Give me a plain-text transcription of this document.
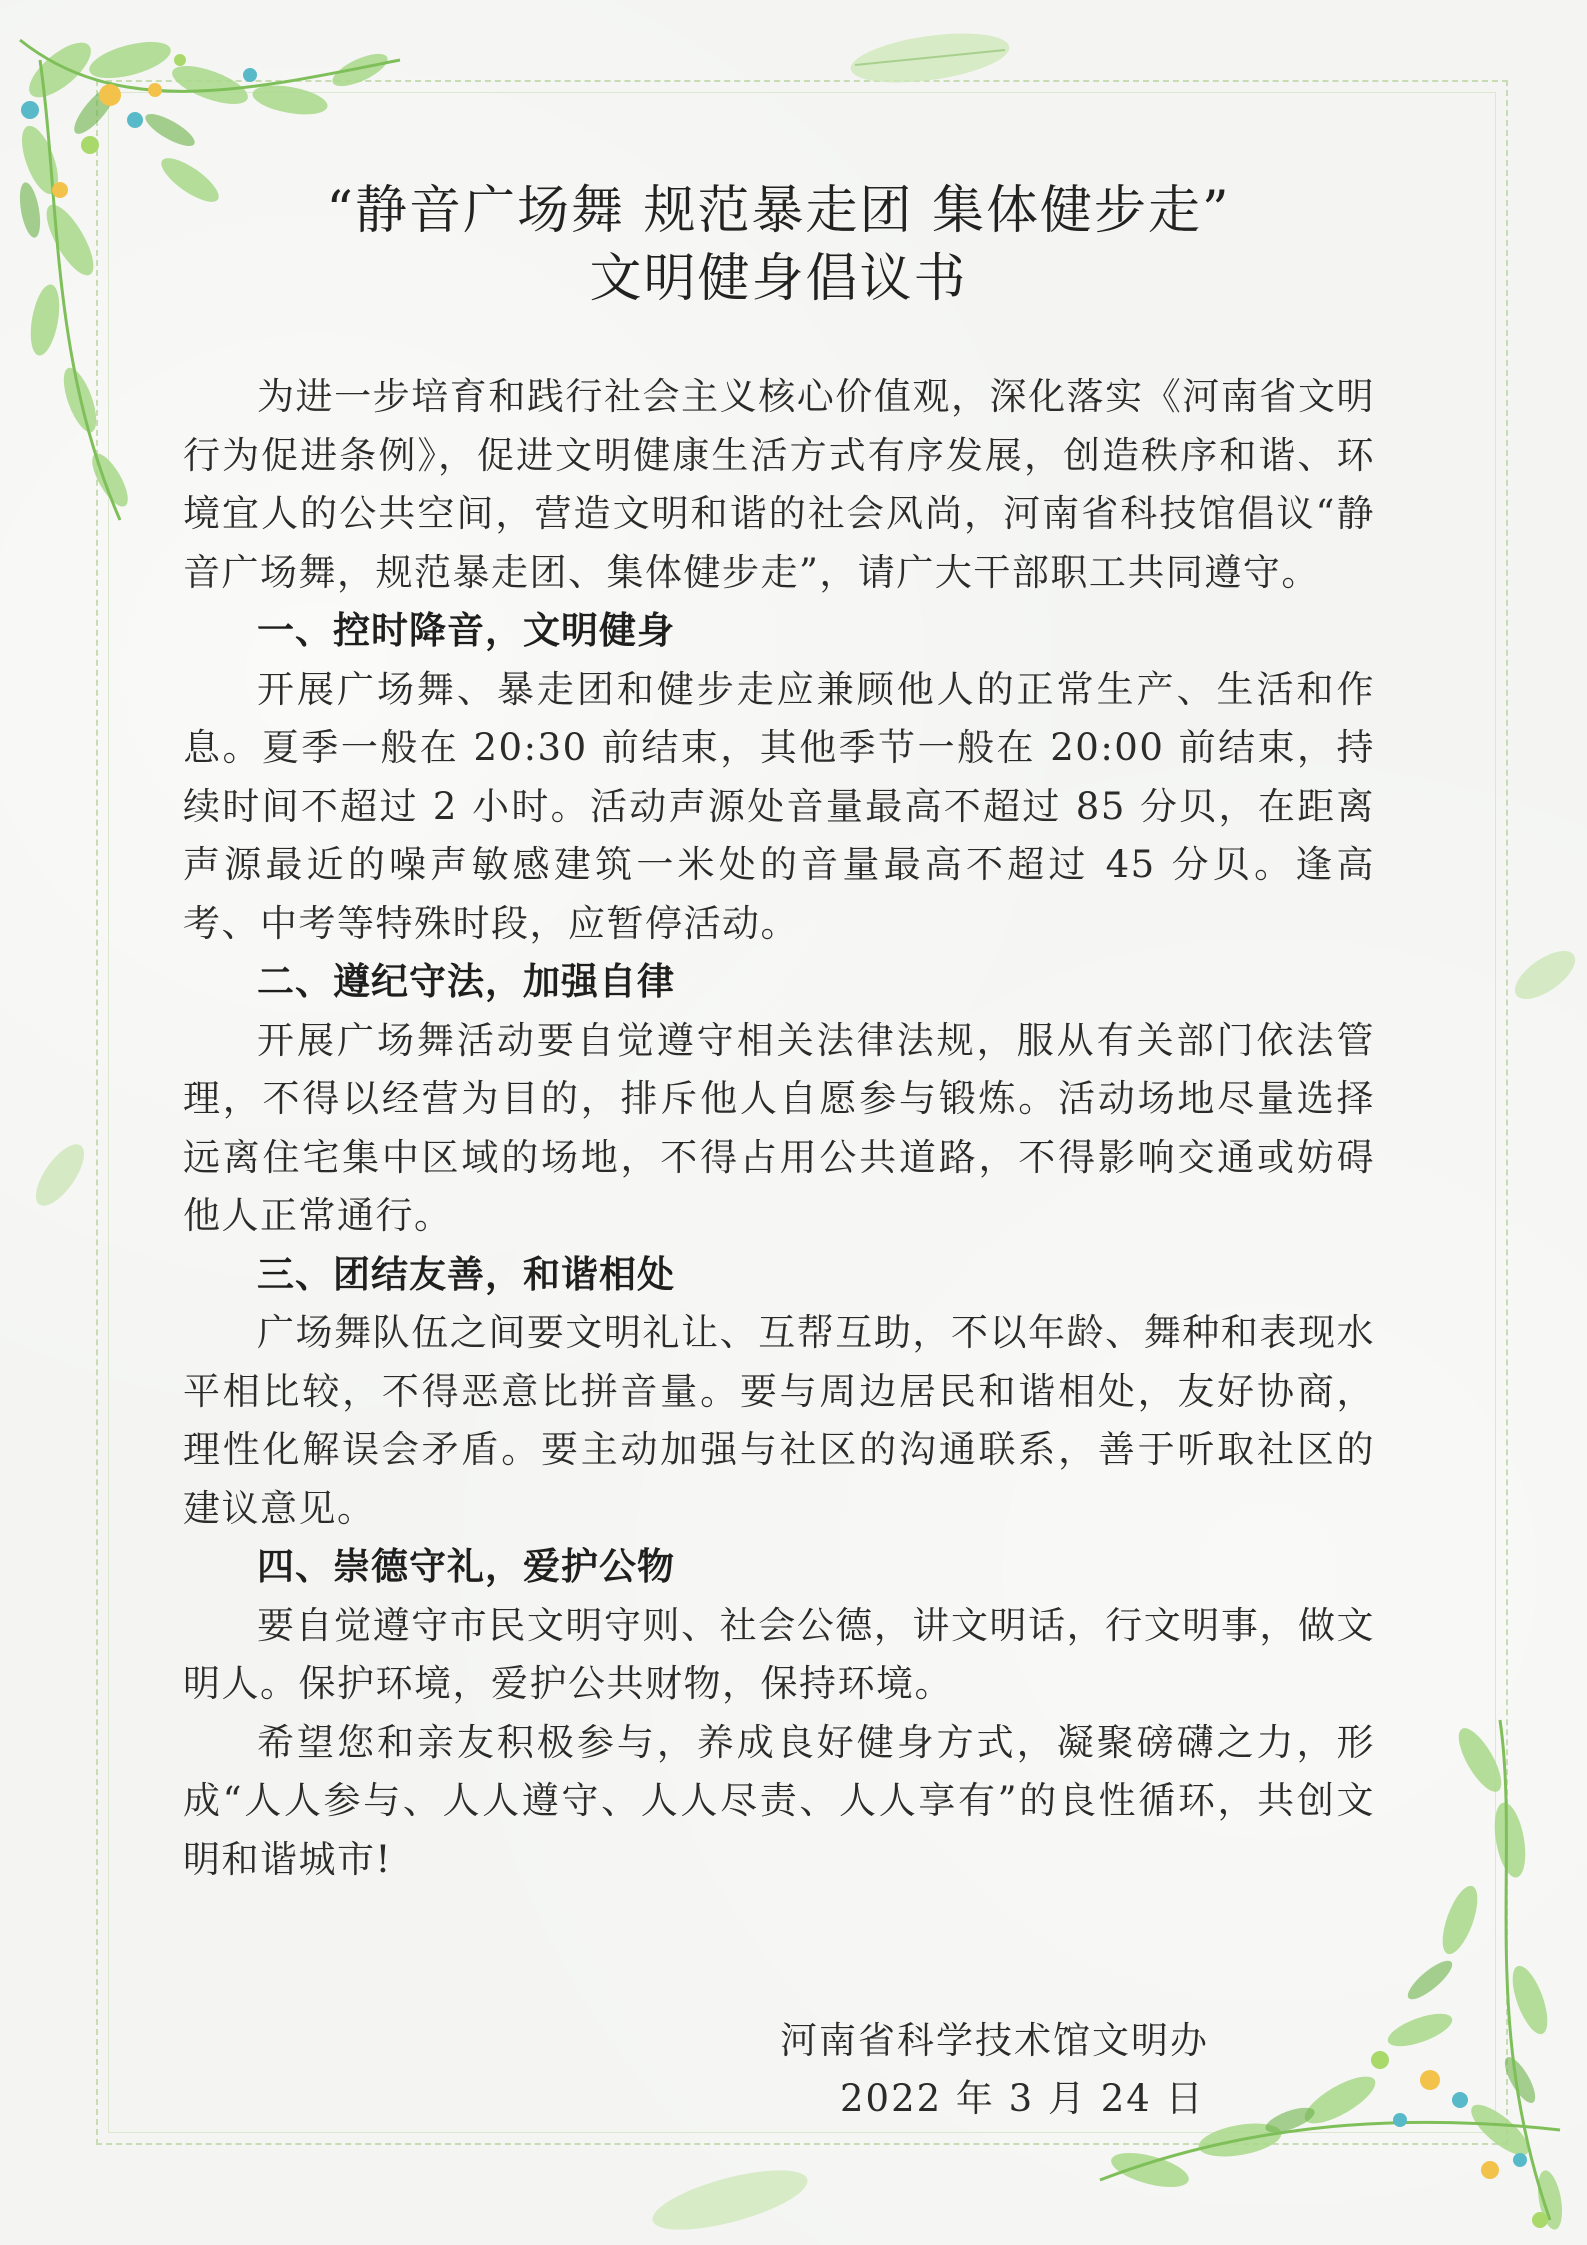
“静音广场舞 规范暴走团 集体健步走”
文明健身倡议书

为进一步培育和践行社会主义核心价值观，深化落实《河南省文明行为促进条例》，促进文明健康生活方式有序发展，创造秩序和谐、环境宜人的公共空间，营造文明和谐的社会风尚，河南省科技馆倡议“静音广场舞，规范暴走团、集体健步走”，请广大干部职工共同遵守。

一、控时降音，文明健身

开展广场舞、暴走团和健步走应兼顾他人的正常生产、生活和作息。夏季一般在 20:30 前结束，其他季节一般在 20:00 前结束，持续时间不超过 2 小时。活动声源处音量最高不超过 85 分贝，在距离声源最近的噪声敏感建筑一米处的音量最高不超过 45 分贝。逢高考、中考等特殊时段，应暂停活动。

二、遵纪守法，加强自律

开展广场舞活动要自觉遵守相关法律法规，服从有关部门依法管理，不得以经营为目的，排斥他人自愿参与锻炼。活动场地尽量选择远离住宅集中区域的场地，不得占用公共道路，不得影响交通或妨碍他人正常通行。

三、团结友善，和谐相处

广场舞队伍之间要文明礼让、互帮互助，不以年龄、舞种和表现水平相比较，不得恶意比拼音量。要与周边居民和谐相处，友好协商，理性化解误会矛盾。要主动加强与社区的沟通联系，善于听取社区的建议意见。

四、崇德守礼，爱护公物

要自觉遵守市民文明守则、社会公德，讲文明话，行文明事，做文明人。保护环境，爱护公共财物，保持环境。

希望您和亲友积极参与，养成良好健身方式，凝聚磅礴之力，形成“人人参与、人人遵守、人人尽责、人人享有”的良性循环，共创文明和谐城市!

河南省科学技术馆文明办
2022 年 3 月 24 日
